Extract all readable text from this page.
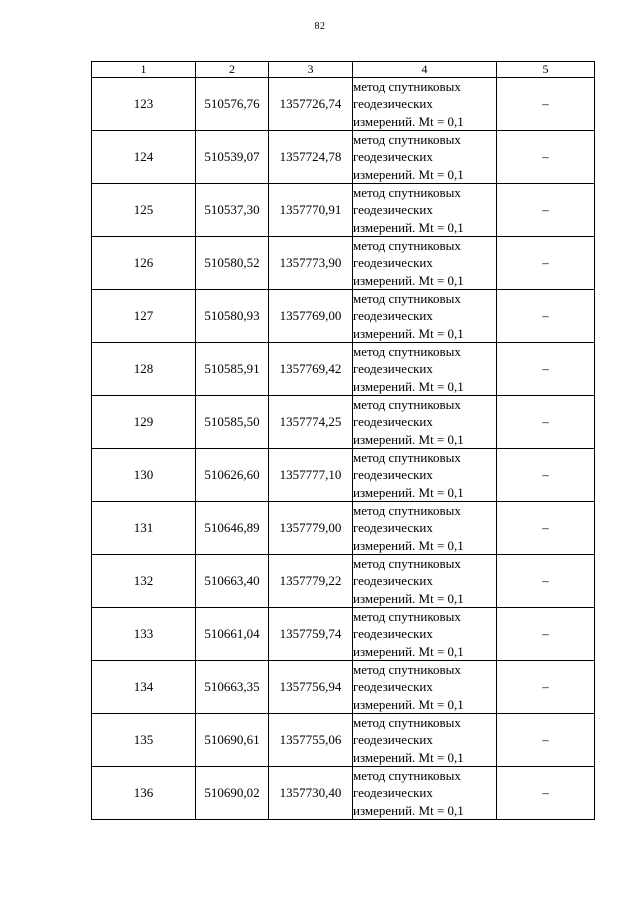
82
1	2	3	4	5
123	510576,76	1357726,74	метод спутниковых
геодезических
измерений. Mt = 0,1	–
124	510539,07	1357724,78	метод спутниковых
геодезических
измерений. Mt = 0,1	–
125	510537,30	1357770,91	метод спутниковых
геодезических
измерений. Mt = 0,1	–
126	510580,52	1357773,90	метод спутниковых
геодезических
измерений. Mt = 0,1	–
127	510580,93	1357769,00	метод спутниковых
геодезических
измерений. Mt = 0,1	–
128	510585,91	1357769,42	метод спутниковых
геодезических
измерений. Mt = 0,1	–
129	510585,50	1357774,25	метод спутниковых
геодезических
измерений. Mt = 0,1	–
130	510626,60	1357777,10	метод спутниковых
геодезических
измерений. Mt = 0,1	–
131	510646,89	1357779,00	метод спутниковых
геодезических
измерений. Mt = 0,1	–
132	510663,40	1357779,22	метод спутниковых
геодезических
измерений. Mt = 0,1	–
133	510661,04	1357759,74	метод спутниковых
геодезических
измерений. Mt = 0,1	–
134	510663,35	1357756,94	метод спутниковых
геодезических
измерений. Mt = 0,1	–
135	510690,61	1357755,06	метод спутниковых
геодезических
измерений. Mt = 0,1	–
136	510690,02	1357730,40	метод спутниковых
геодезических
измерений. Mt = 0,1	–
